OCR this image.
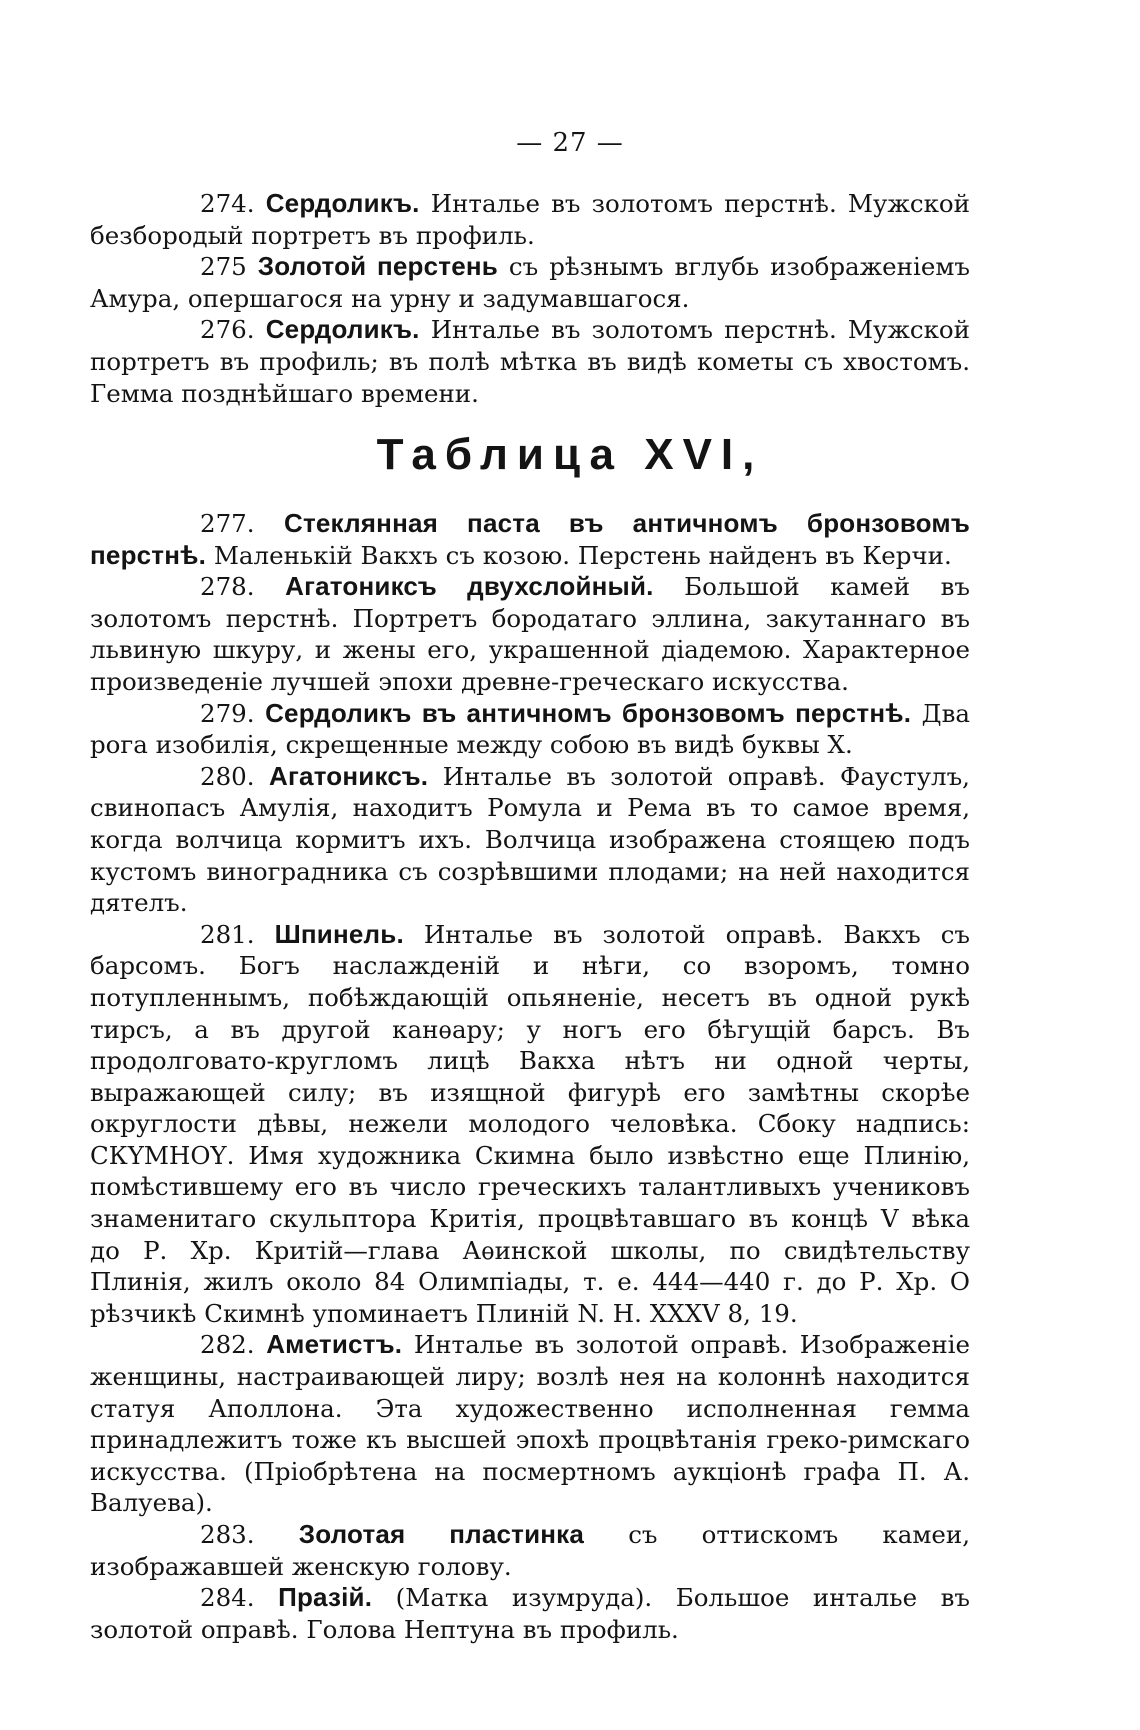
— 27 —

274. Сердоликъ. Инталье въ золотомъ перстнѣ. Мужской безбородый портретъ въ профиль.

275 Золотой перстень съ рѣзнымъ вглубь изображеніемъ Амура, опершагося на урну и задумавшагося.

276. Сердоликъ. Инталье въ золотомъ перстнѣ. Мужской портретъ въ профиль; въ полѣ мѣтка въ видѣ кометы съ хвостомъ. Гемма позднѣйшаго времени.

Таблица XVI,

277. Стеклянная паста въ античномъ бронзовомъ перстнѣ. Маленькій Вакхъ съ козою. Перстень найденъ въ Керчи.

278. Агатониксъ двухслойный. Большой камей въ золотомъ перстнѣ. Портретъ бородатаго эллина, закутаннаго въ львиную шкуру, и жены его, украшенной діадемою. Характерное произведеніе лучшей эпохи древне-греческаго искусства.

279. Сердоликъ въ античномъ бронзовомъ перстнѣ. Два рога изобилія, скрещенные между собою въ видѣ буквы Х.

280. Агатониксъ. Инталье въ золотой оправѣ. Фаустулъ, свинопасъ Амулія, находитъ Ромула и Рема въ то самое время, когда волчица кормитъ ихъ. Волчица изображена стоящею подъ кустомъ виноградника съ созрѣвшими плодами; на ней находится дятелъ.

281. Шпинель. Инталье въ золотой оправѣ. Вакхъ съ барсомъ. Богъ наслажденій и нѣги, со взоромъ, томно потупленнымъ, побѣждающій опьяненіе, несетъ въ одной рукѣ тирсъ, а въ другой канѳару; у ногъ его бѣгущій барсъ. Въ продолговато-кругломъ лицѣ Вакха нѣтъ ни одной черты, выражающей силу; въ изящной фигурѣ его замѣтны скорѣе округлости дѣвы, нежели молодого человѣка. Сбоку надпись: СКҮМНОҮ. Имя художника Скимна было извѣстно еще Плинію, помѣстившему его въ число греческихъ талантливыхъ учениковъ знаменитаго скульптора Критія, процвѣтавшаго въ концѣ V вѣка до Р. Хр. Критій—глава Аѳинской школы, по свидѣтельству Плинія, жилъ около 84 Олимпіады, т. е. 444—440 г. до Р. Хр. О рѣзчикѣ Скимнѣ упоминаетъ Плиній N. H. XXXV 8, 19.

282. Аметистъ. Инталье въ золотой оправѣ. Изображеніе женщины, настраивающей лиру; возлѣ нея на колоннѣ находится статуя Аполлона. Эта художественно исполненная гемма принадлежитъ тоже къ высшей эпохѣ процвѣтанія греко-римскаго искусства. (Пріобрѣтена на посмертномъ аукціонѣ графа П. А. Валуева).

283. Золотая пластинка съ оттискомъ камеи, изображавшей женскую голову.

284. Празій. (Матка изумруда). Большое инталье въ золотой оправѣ. Голова Нептуна въ профиль.
